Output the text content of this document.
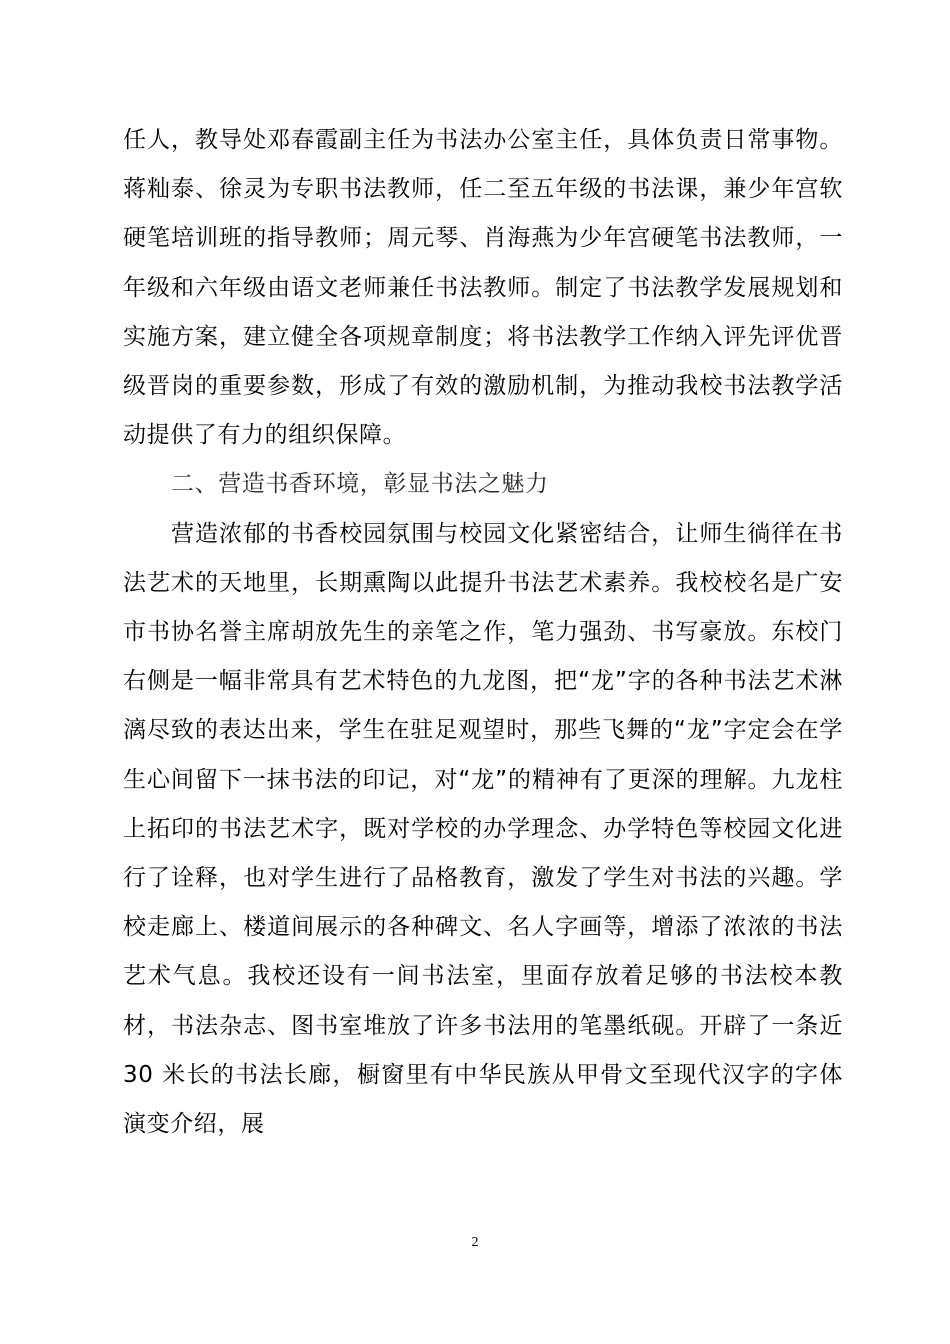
任人，教导处邓春霞副主任为书法办公室主任，具体负责日常事物。蒋籼泰、徐灵为专职书法教师，任二至五年级的书法课，兼少年宫软硬笔培训班的指导教师；周元琴、肖海燕为少年宫硬笔书法教师，一年级和六年级由语文老师兼任书法教师。制定了书法教学发展规划和实施方案，建立健全各项规章制度；将书法教学工作纳入评先评优晋级晋岗的重要参数，形成了有效的激励机制，为推动我校书法教学活动提供了有力的组织保障。

二、营造书香环境，彰显书法之魅力

营造浓郁的书香校园氛围与校园文化紧密结合，让师生徜徉在书法艺术的天地里，长期熏陶以此提升书法艺术素养。我校校名是广安市书协名誉主席胡放先生的亲笔之作，笔力强劲、书写豪放。东校门右侧是一幅非常具有艺术特色的九龙图，把“龙”字的各种书法艺术淋漓尽致的表达出来，学生在驻足观望时，那些飞舞的“龙”字定会在学生心间留下一抹书法的印记，对“龙”的精神有了更深的理解。九龙柱上拓印的书法艺术字，既对学校的办学理念、办学特色等校园文化进行了诠释，也对学生进行了品格教育，激发了学生对书法的兴趣。学校走廊上、楼道间展示的各种碑文、名人字画等，增添了浓浓的书法艺术气息。我校还设有一间书法室，里面存放着足够的书法校本教材，书法杂志、图书室堆放了许多书法用的笔墨纸砚。开辟了一条近 30 米长的书法长廊，橱窗里有中华民族从甲骨文至现代汉字的字体演变介绍，展

2
